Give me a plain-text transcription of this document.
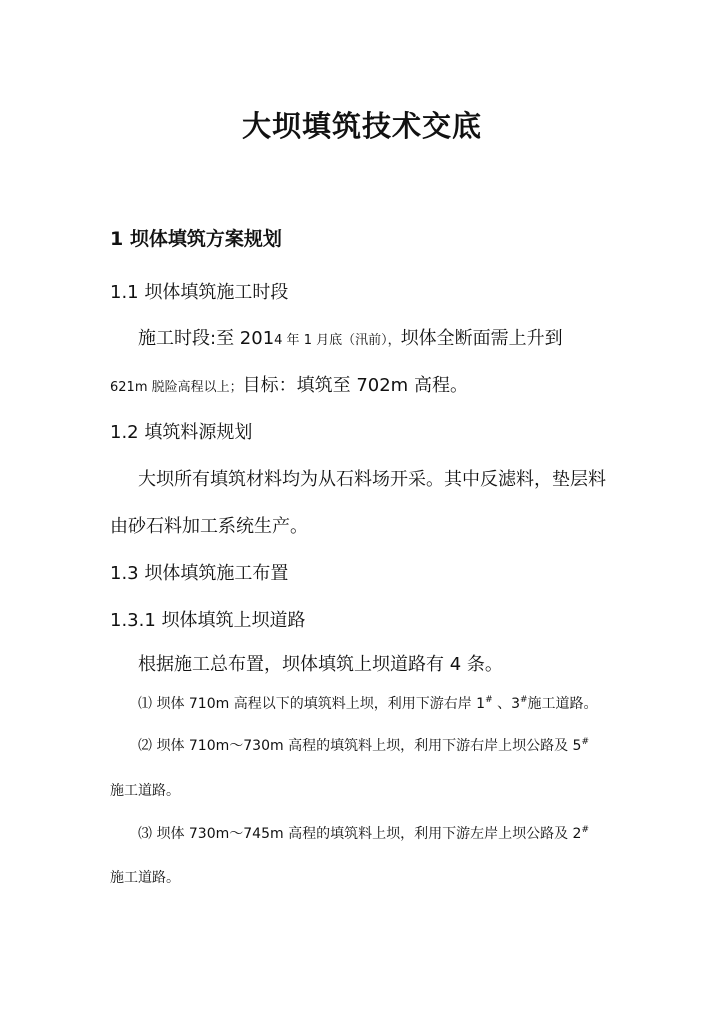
大坝填筑技术交底
1 坝体填筑方案规划
1.1 坝体填筑施工时段
施工时段:至 2014 年 1 月底（汛前），坝体全断面需上升到
621m 脱险高程以上；目标：填筑至 702m 高程。
1.2 填筑料源规划
大坝所有填筑材料均为从石料场开采。其中反滤料，垫层料
由砂石料加工系统生产。
1.3 坝体填筑施工布置
1.3.1 坝体填筑上坝道路
根据施工总布置，坝体填筑上坝道路有 4 条。
⑴ 坝体 710m 高程以下的填筑料上坝，利用下游右岸 1# 、3#施工道路。
⑵ 坝体 710m～730m 高程的填筑料上坝，利用下游右岸上坝公路及 5#
施工道路。
⑶ 坝体 730m～745m 高程的填筑料上坝，利用下游左岸上坝公路及 2#
施工道路。
